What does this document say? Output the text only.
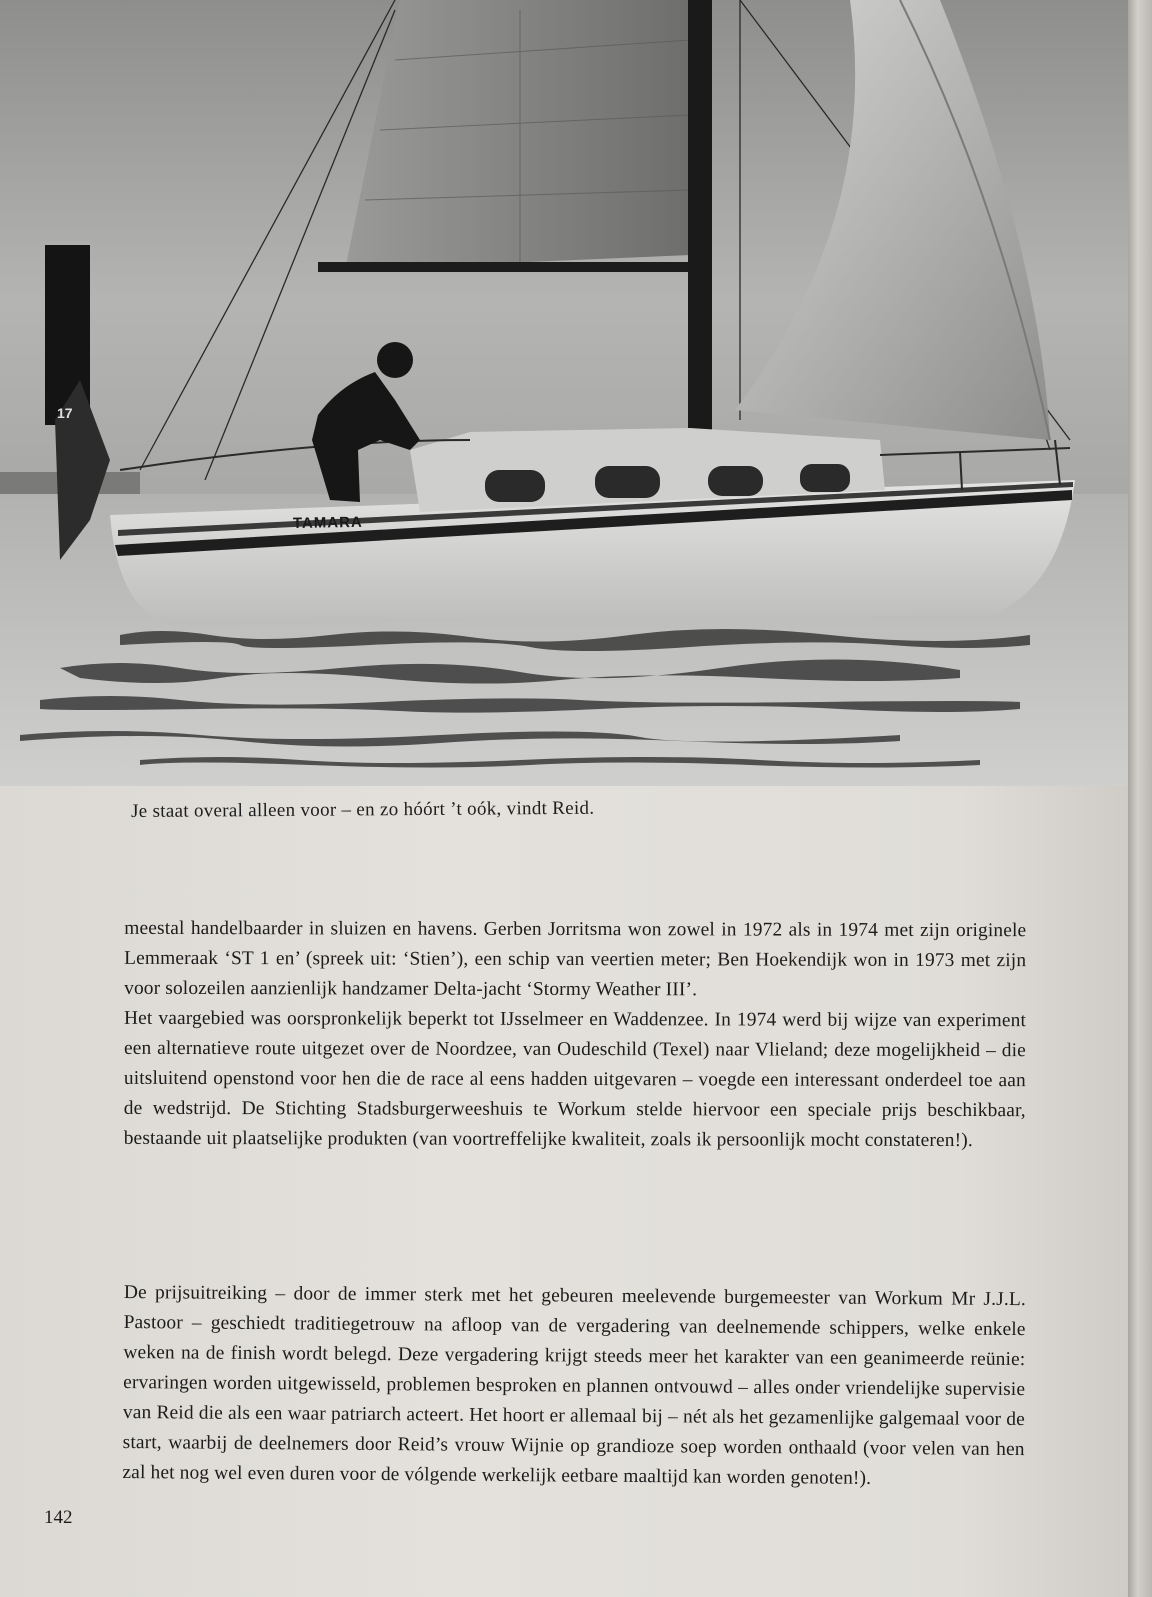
TAMARA
17
Je staat overal alleen voor – en zo hóórt ’t oók, vindt Reid.

meestal handelbaarder in sluizen en havens. Gerben Jorritsma won zowel in 1972 als in 1974 met zijn originele Lemmeraak ‘ST 1 en’ (spreek uit: ‘Stien’), een schip van veertien meter; Ben Hoekendijk won in 1973 met zijn voor solozeilen aanzienlijk handzamer Delta-jacht ‘Stormy Weather III’.

Het vaargebied was oorspronkelijk beperkt tot IJsselmeer en Waddenzee. In 1974 werd bij wijze van experiment een alternatieve route uitgezet over de Noordzee, van Oudeschild (Texel) naar Vlieland; deze mogelijkheid – die uitsluitend openstond voor hen die de race al eens hadden uitgevaren – voegde een interessant onderdeel toe aan de wedstrijd. De Stichting Stadsburgerweeshuis te Workum stelde hiervoor een speciale prijs beschikbaar, bestaande uit plaatselijke produkten (van voortreffelijke kwaliteit, zoals ik persoonlijk mocht constateren!).

De prijsuitreiking – door de immer sterk met het gebeuren meelevende burgemeester van Workum Mr J.J.L. Pastoor – geschiedt traditiegetrouw na afloop van de vergadering van deelnemende schippers, welke enkele weken na de finish wordt belegd. Deze vergadering krijgt steeds meer het karakter van een geanimeerde reünie: ervaringen worden uitgewisseld, problemen besproken en plannen ontvouwd – alles onder vriendelijke supervisie van Reid die als een waar patriarch acteert. Het hoort er allemaal bij – nét als het gezamenlijke galgemaal voor de start, waarbij de deelnemers door Reid’s vrouw Wijnie op grandioze soep worden onthaald (voor velen van hen zal het nog wel even duren voor de vólgende werkelijk eetbare maaltijd kan worden genoten!).

142
